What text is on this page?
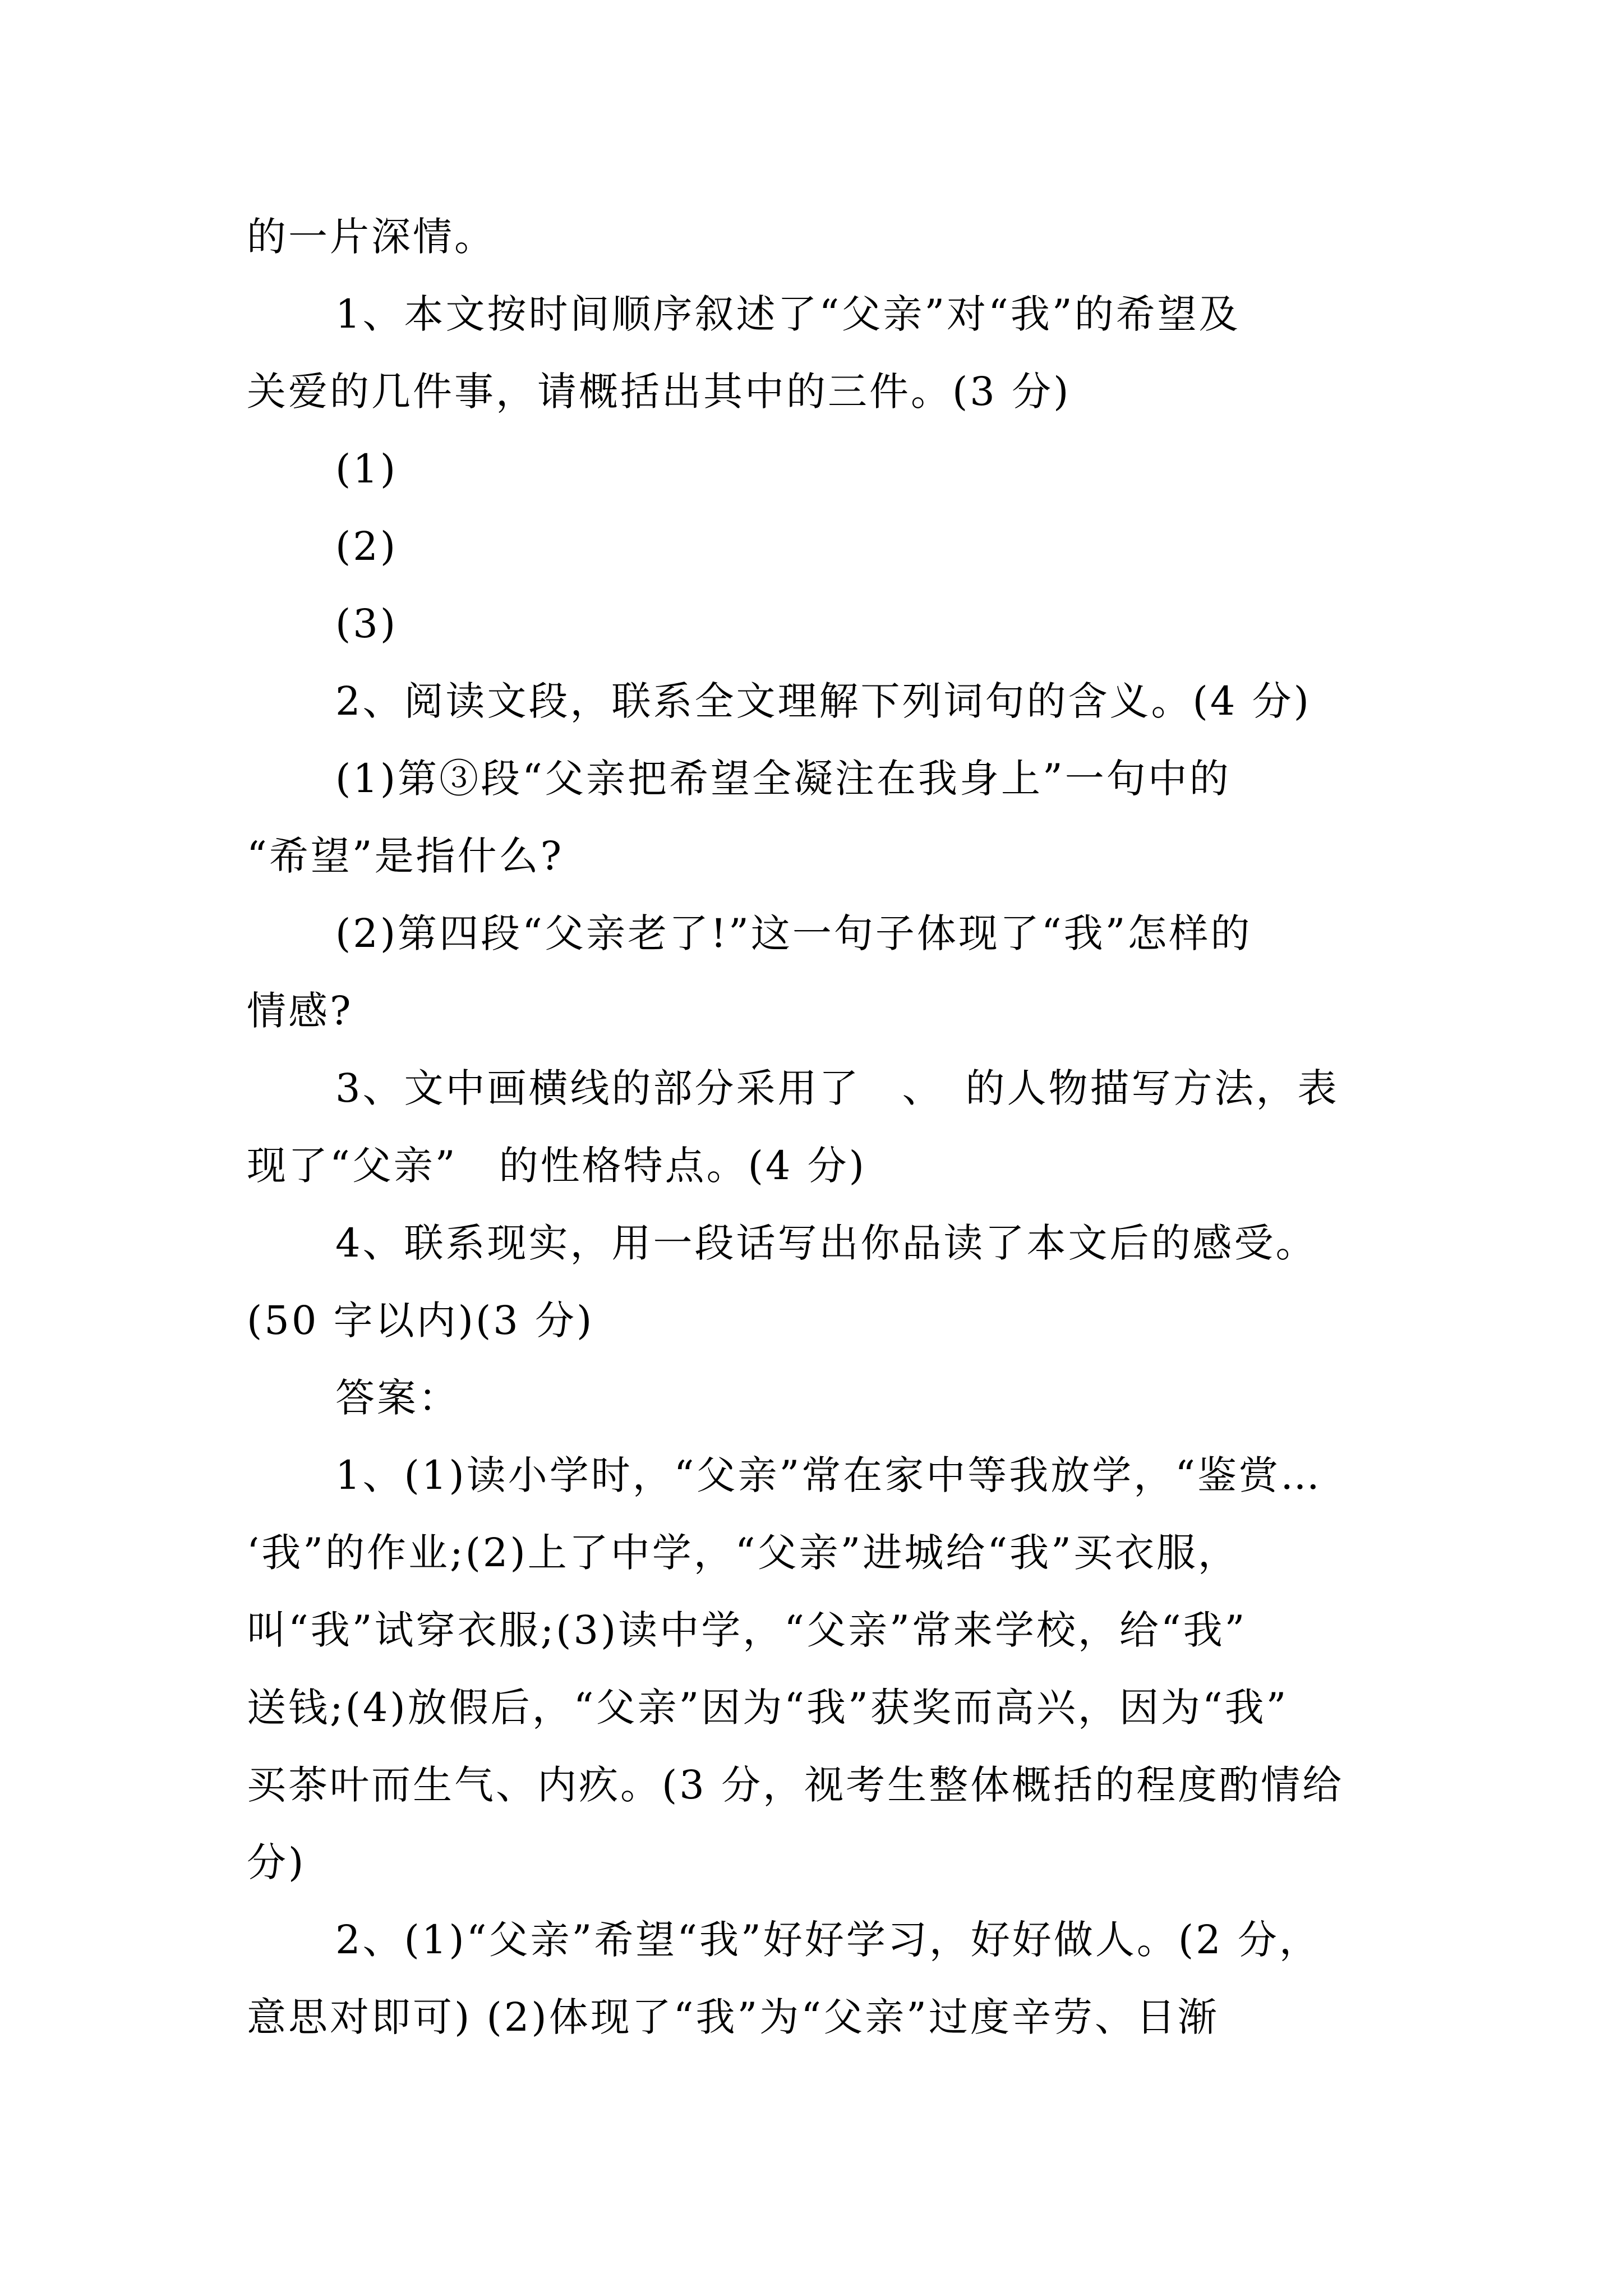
的一片深情。
1、本文按时间顺序叙述了“父亲”对“我”的希望及
关爱的几件事，请概括出其中的三件。(3 分)
(1)
(2)
(3)
2、阅读文段，联系全文理解下列词句的含义。(4 分)
(1)第③段“父亲把希望全凝注在我身上”一句中的
“希望”是指什么?
(2)第四段“父亲老了!”这一句子体现了“我”怎样的
情感?
3、文中画横线的部分采用了　、　的人物描写方法，表
现了“父亲”　的性格特点。(4 分)
4、联系现实，用一段话写出你品读了本文后的感受。
(50 字以内)(3 分)
答案：
1、(1)读小学时，“父亲”常在家中等我放学，“鉴赏…
‘我”的作业;(2)上了中学，“父亲”进城给“我”买衣服，
叫“我”试穿衣服;(3)读中学，“父亲”常来学校，给“我”
送钱;(4)放假后，“父亲”因为“我”获奖而高兴，因为“我”
买茶叶而生气、内疚。(3 分，视考生整体概括的程度酌情给
分)
2、(1)“父亲”希望“我”好好学习，好好做人。(2 分，
意思对即可) (2)体现了“我”为“父亲”过度辛劳、日渐
